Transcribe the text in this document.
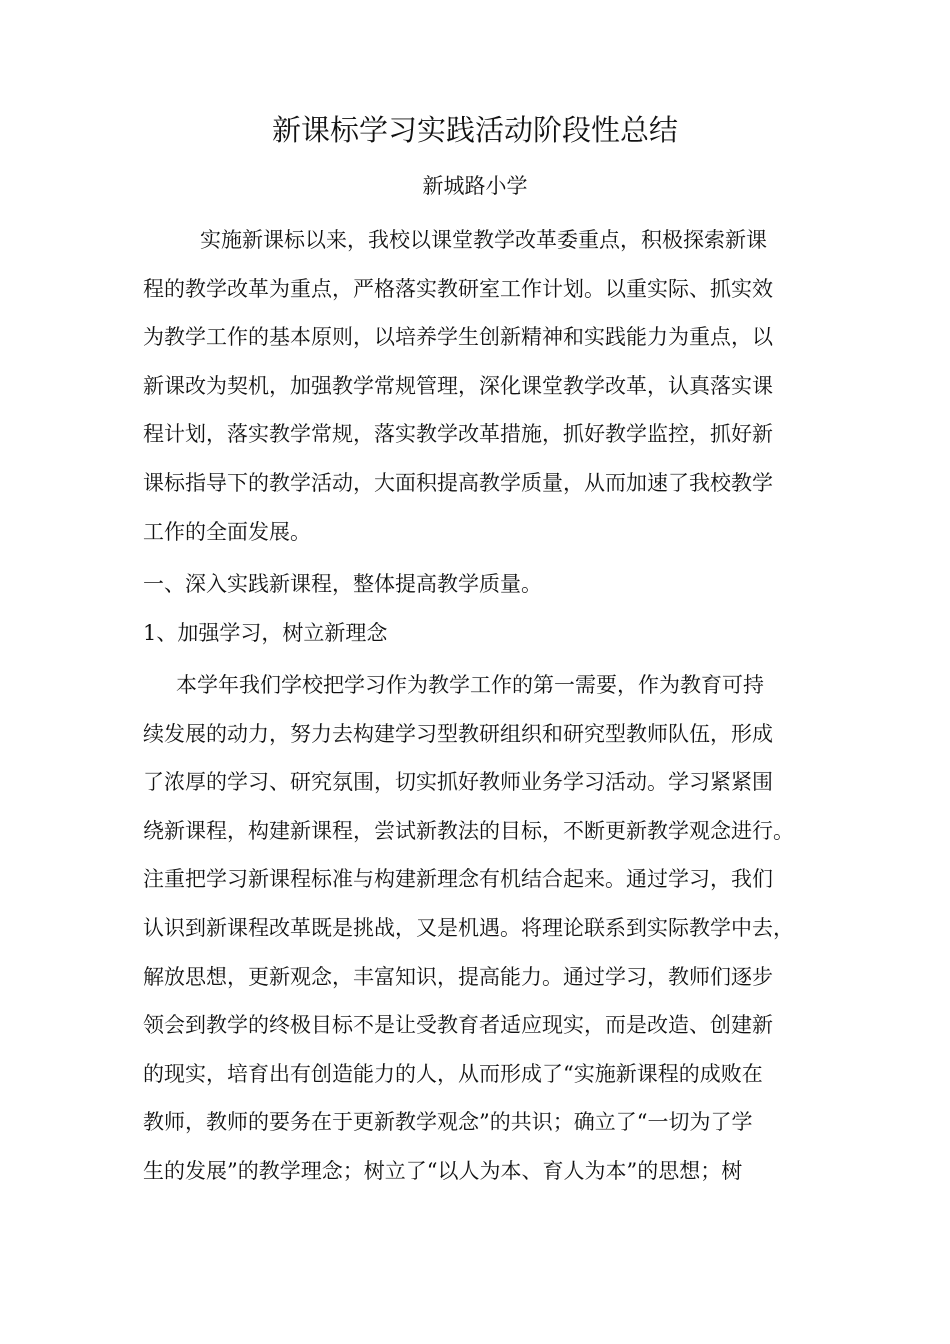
新课标学习实践活动阶段性总结
新城路小学
实施新课标以来，我校以课堂教学改革委重点，积极探索新课
程的教学改革为重点，严格落实教研室工作计划。以重实际、抓实效
为教学工作的基本原则，以培养学生创新精神和实践能力为重点，以
新课改为契机，加强教学常规管理，深化课堂教学改革，认真落实课
程计划，落实教学常规，落实教学改革措施，抓好教学监控，抓好新
课标指导下的教学活动，大面积提高教学质量，从而加速了我校教学
工作的全面发展。
一、深入实践新课程，整体提高教学质量。
1、加强学习，树立新理念
本学年我们学校把学习作为教学工作的第一需要，作为教育可持
续发展的动力，努力去构建学习型教研组织和研究型教师队伍，形成
了浓厚的学习、研究氛围，切实抓好教师业务学习活动。学习紧紧围
绕新课程，构建新课程，尝试新教法的目标，不断更新教学观念进行。
注重把学习新课程标准与构建新理念有机结合起来。通过学习，我们
认识到新课程改革既是挑战，又是机遇。将理论联系到实际教学中去，
解放思想，更新观念，丰富知识，提高能力。通过学习，教师们逐步
领会到教学的终极目标不是让受教育者适应现实，而是改造、创建新
的现实，培育出有创造能力的人，从而形成了“实施新课程的成败在
教师，教师的要务在于更新教学观念”的共识；确立了“一切为了学
生的发展”的教学理念；树立了“以人为本、育人为本”的思想；树
